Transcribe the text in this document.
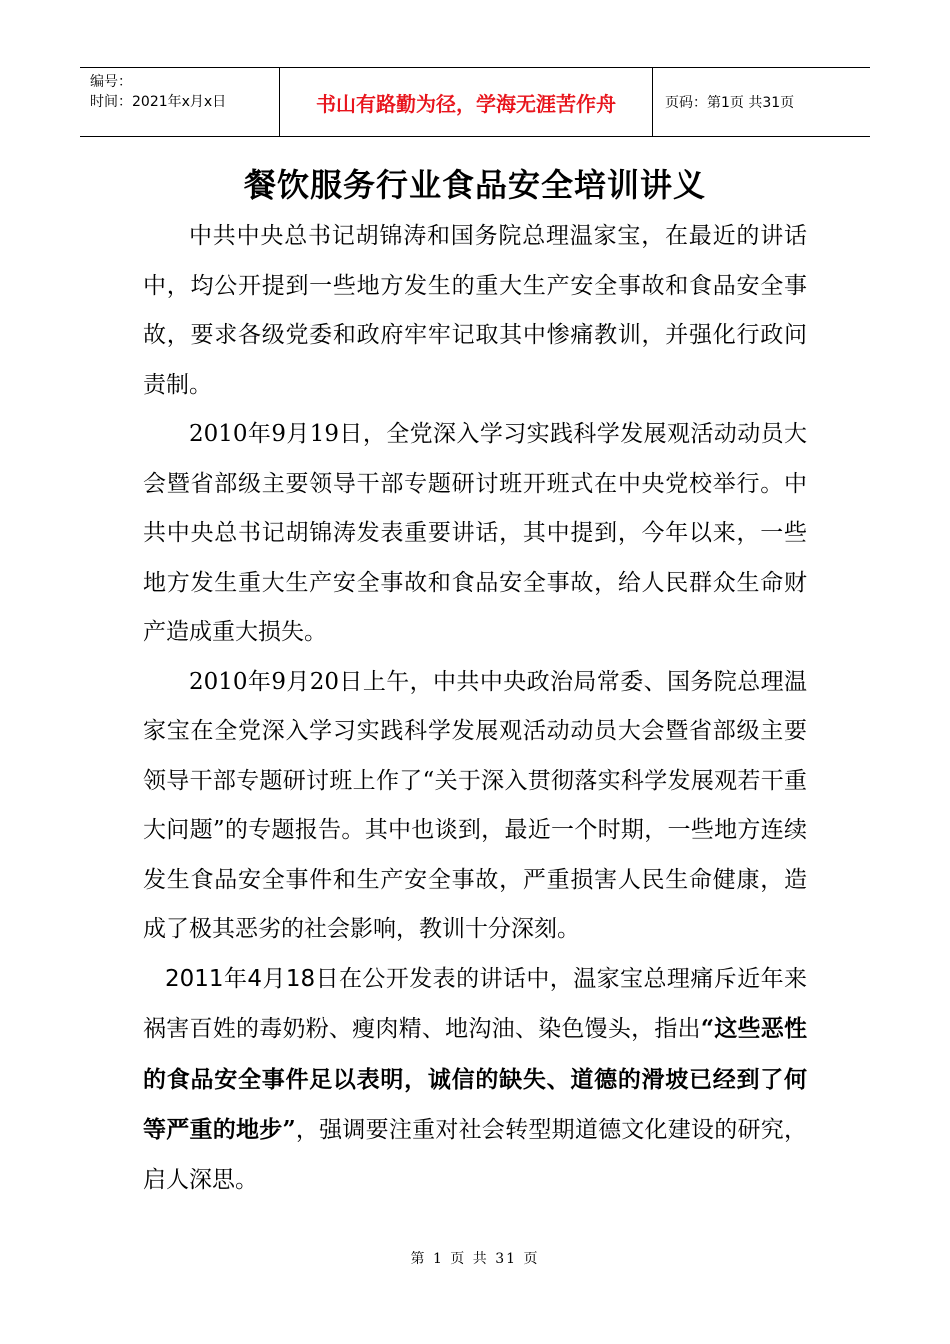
编号：
时间：2021年x月x日	书山有路勤为径，学海无涯苦作舟	页码：第1页 共31页
餐饮服务行业食品安全培训讲义

中共中央总书记胡锦涛和国务院总理温家宝，在最近的讲话中，均公开提到一些地方发生的重大生产安全事故和食品安全事故，要求各级党委和政府牢牢记取其中惨痛教训，并强化行政问责制。

2010年9月19日，全党深入学习实践科学发展观活动动员大会暨省部级主要领导干部专题研讨班开班式在中央党校举行。中共中央总书记胡锦涛发表重要讲话，其中提到，今年以来，一些地方发生重大生产安全事故和食品安全事故，给人民群众生命财产造成重大损失。

2010年9月20日上午，中共中央政治局常委、国务院总理温家宝在全党深入学习实践科学发展观活动动员大会暨省部级主要领导干部专题研讨班上作了“关于深入贯彻落实科学发展观若干重大问题”的专题报告。其中也谈到，最近一个时期，一些地方连续发生食品安全事件和生产安全事故，严重损害人民生命健康，造成了极其恶劣的社会影响，教训十分深刻。

2011年4月18日在公开发表的讲话中，温家宝总理痛斥近年来祸害百姓的毒奶粉、瘦肉精、地沟油、染色馒头，指出“这些恶性的食品安全事件足以表明，诚信的缺失、道德的滑坡已经到了何等严重的地步”，强调要注重对社会转型期道德文化建设的研究，启人深思。

第 1 页 共 31 页
